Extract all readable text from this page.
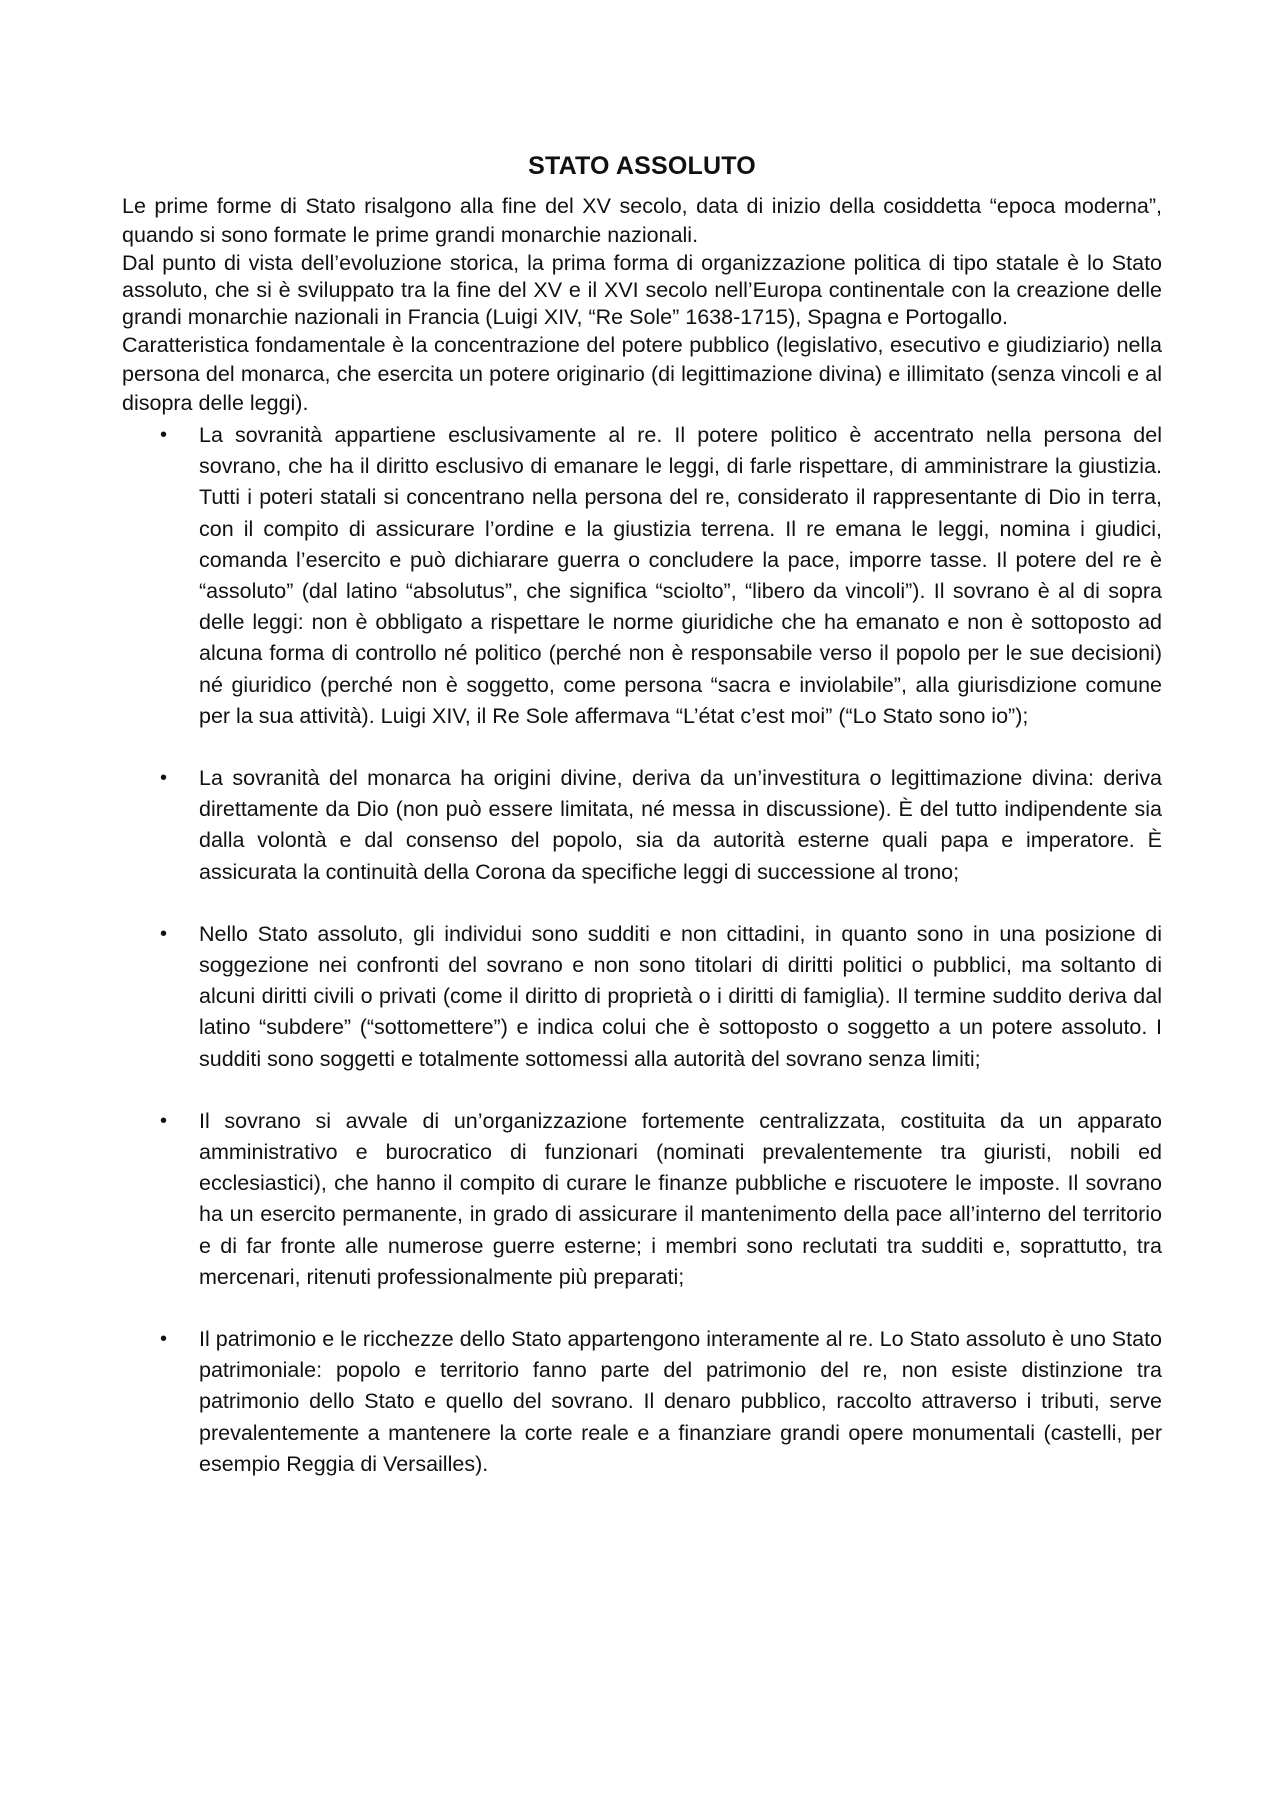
STATO ASSOLUTO

Le prime forme di Stato risalgono alla fine del XV secolo, data di inizio della cosiddetta “epoca moderna”, quando si sono formate le prime grandi monarchie nazionali.

Dal punto di vista dell’evoluzione storica, la prima forma di organizzazione politica di tipo statale è lo Stato assoluto, che si è sviluppato tra la fine del XV e il XVI secolo nell’Europa continentale con la creazione delle grandi monarchie nazionali in Francia (Luigi XIV, “Re Sole” 1638-1715), Spagna e Portogallo.

Caratteristica fondamentale è la concentrazione del potere pubblico (legislativo, esecutivo e giudiziario) nella persona del monarca, che esercita un potere originario (di legittimazione divina) e illimitato (senza vincoli e al disopra delle leggi).

• La sovranità appartiene esclusivamente al re. Il potere politico è accentrato nella persona del sovrano, che ha il diritto esclusivo di emanare le leggi, di farle rispettare, di amministrare la giustizia. Tutti i poteri statali si concentrano nella persona del re, considerato il rappresentante di Dio in terra, con il compito di assicurare l’ordine e la giustizia terrena. Il re emana le leggi, nomina i giudici, comanda l’esercito e può dichiarare guerra o concludere la pace, imporre tasse. Il potere del re è “assoluto” (dal latino “absolutus”, che significa “sciolto”, “libero da vincoli”). Il sovrano è al di sopra delle leggi: non è obbligato a rispettare le norme giuridiche che ha emanato e non è sottoposto ad alcuna forma di controllo né politico (perché non è responsabile verso il popolo per le sue decisioni) né giuridico (perché non è soggetto, come persona “sacra e inviolabile”, alla giurisdizione comune per la sua attività). Luigi XIV, il Re Sole affermava “L’état c’est moi” (“Lo Stato sono io”);
• La sovranità del monarca ha origini divine, deriva da un’investitura o legittimazione divina: deriva direttamente da Dio (non può essere limitata, né messa in discussione). È del tutto indipendente sia dalla volontà e dal consenso del popolo, sia da autorità esterne quali papa e imperatore. È assicurata la continuità della Corona da specifiche leggi di successione al trono;
• Nello Stato assoluto, gli individui sono sudditi e non cittadini, in quanto sono in una posizione di soggezione nei confronti del sovrano e non sono titolari di diritti politici o pubblici, ma soltanto di alcuni diritti civili o privati (come il diritto di proprietà o i diritti di famiglia). Il termine suddito deriva dal latino “subdere” (“sottomettere”) e indica colui che è sottoposto o soggetto a un potere assoluto. I sudditi sono soggetti e totalmente sottomessi alla autorità del sovrano senza limiti;
• Il sovrano si avvale di un’organizzazione fortemente centralizzata, costituita da un apparato amministrativo e burocratico di funzionari (nominati prevalentemente tra giuristi, nobili ed ecclesiastici), che hanno il compito di curare le finanze pubbliche e riscuotere le imposte. Il sovrano ha un esercito permanente, in grado di assicurare il mantenimento della pace all’interno del territorio e di far fronte alle numerose guerre esterne; i membri sono reclutati tra sudditi e, soprattutto, tra mercenari, ritenuti professionalmente più preparati;
• Il patrimonio e le ricchezze dello Stato appartengono interamente al re. Lo Stato assoluto è uno Stato patrimoniale: popolo e territorio fanno parte del patrimonio del re, non esiste distinzione tra patrimonio dello Stato e quello del sovrano. Il denaro pubblico, raccolto attraverso i tributi, serve prevalentemente a mantenere la corte reale e a finanziare grandi opere monumentali (castelli, per esempio Reggia di Versailles).
